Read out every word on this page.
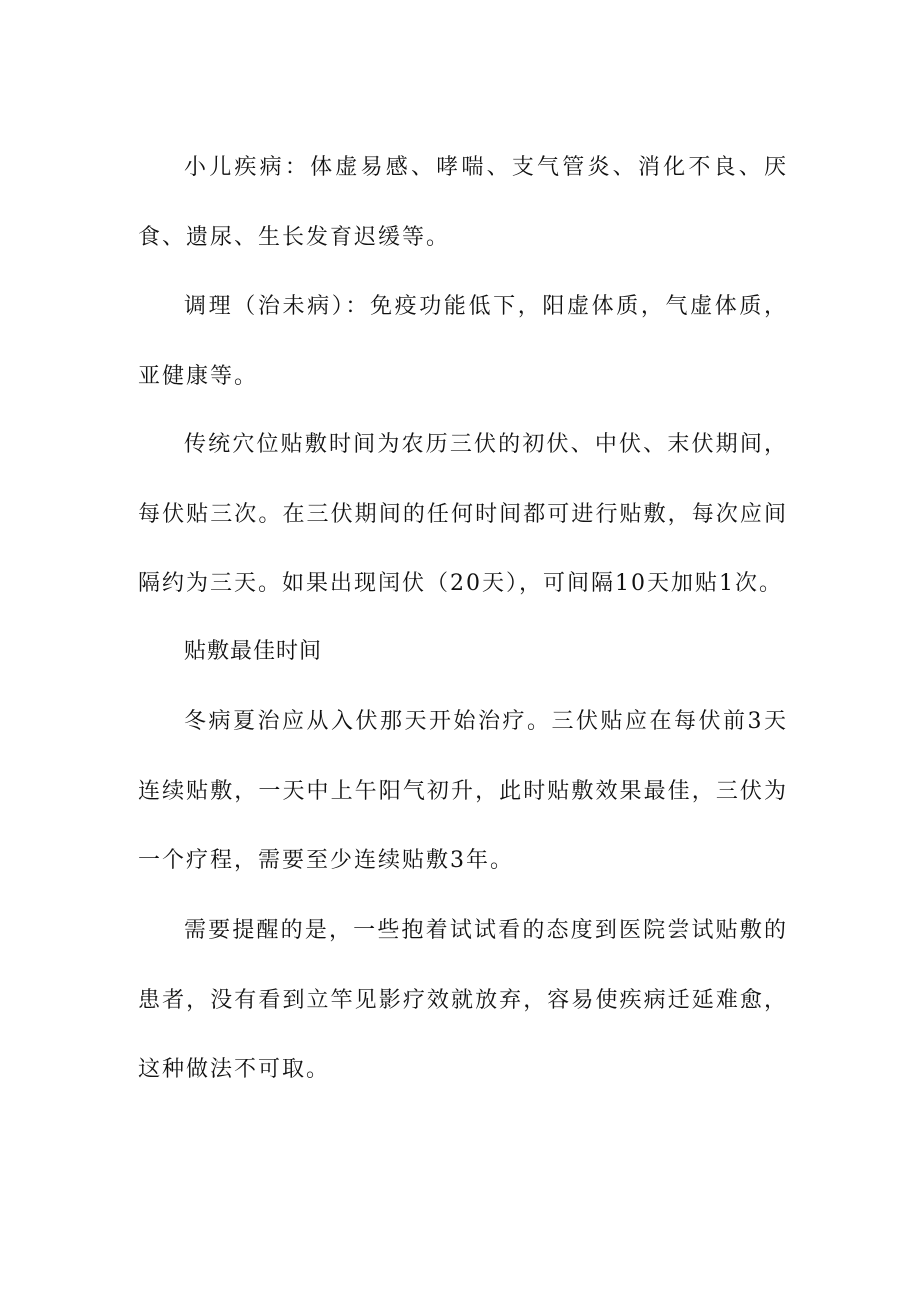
小儿疾病：体虚易感、哮喘、支气管炎、消化不良、厌食、遗尿、生长发育迟缓等。

调理（治未病）：免疫功能低下，阳虚体质，气虚体质，亚健康等。

传统穴位贴敷时间为农历三伏的初伏、中伏、末伏期间，每伏贴三次。在三伏期间的任何时间都可进行贴敷，每次应间隔约为三天。如果出现闰伏（20天），可间隔10天加贴1次。

贴敷最佳时间

冬病夏治应从入伏那天开始治疗。三伏贴应在每伏前3天连续贴敷，一天中上午阳气初升，此时贴敷效果最佳，三伏为一个疗程，需要至少连续贴敷3年。

需要提醒的是，一些抱着试试看的态度到医院尝试贴敷的患者，没有看到立竿见影疗效就放弃，容易使疾病迁延难愈，这种做法不可取。
